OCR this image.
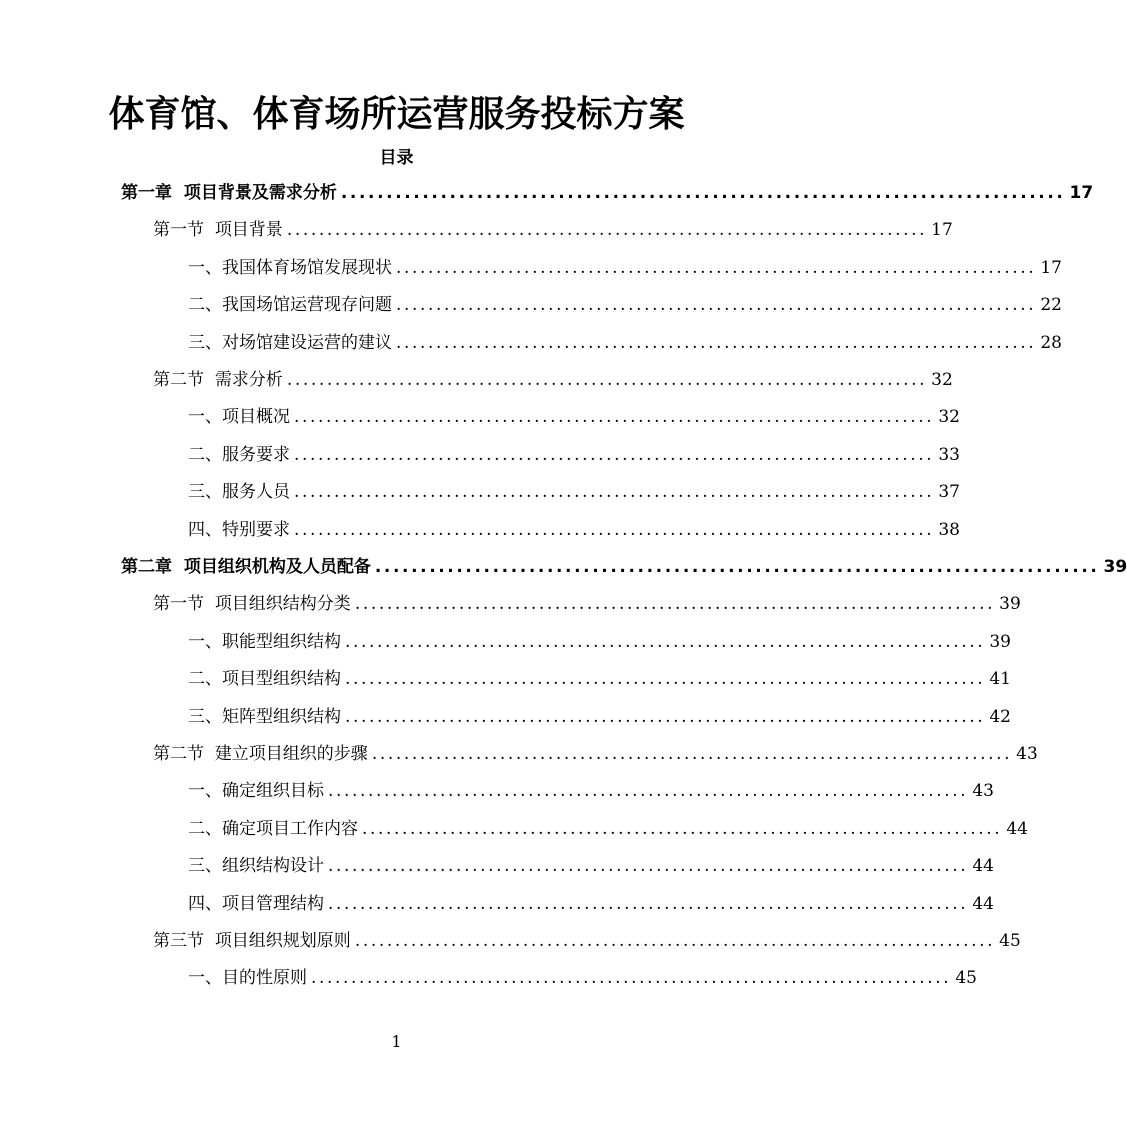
体育馆、体育场所运营服务投标方案
目录
第一章
项目背景及需求分析 ................................................................................ 17
第一节
项目背景 ................................................................................ 17
一、 我国体育场馆发展现状 ................................................................................ 17
二、 我国场馆运营现存问题 ................................................................................ 22
三、 对场馆建设运营的建议 ................................................................................ 28
第二节
需求分析 ................................................................................ 32
一、 项目概况 ................................................................................ 32
二、 服务要求 ................................................................................ 33
三、 服务人员 ................................................................................ 37
四、 特别要求 ................................................................................ 38
第二章
项目组织机构及人员配备 ................................................................................ 39
第一节
项目组织结构分类 ................................................................................ 39
一、 职能型组织结构 ................................................................................ 39
二、 项目型组织结构 ................................................................................ 41
三、 矩阵型组织结构 ................................................................................ 42
第二节
建立项目组织的步骤 ................................................................................ 43
一、 确定组织目标 ................................................................................ 43
二、 确定项目工作内容 ................................................................................ 44
三、 组织结构设计 ................................................................................ 44
四、 项目管理结构 ................................................................................ 44
第三节
项目组织规划原则 ................................................................................ 45
一、 目的性原则 ................................................................................ 45
1
